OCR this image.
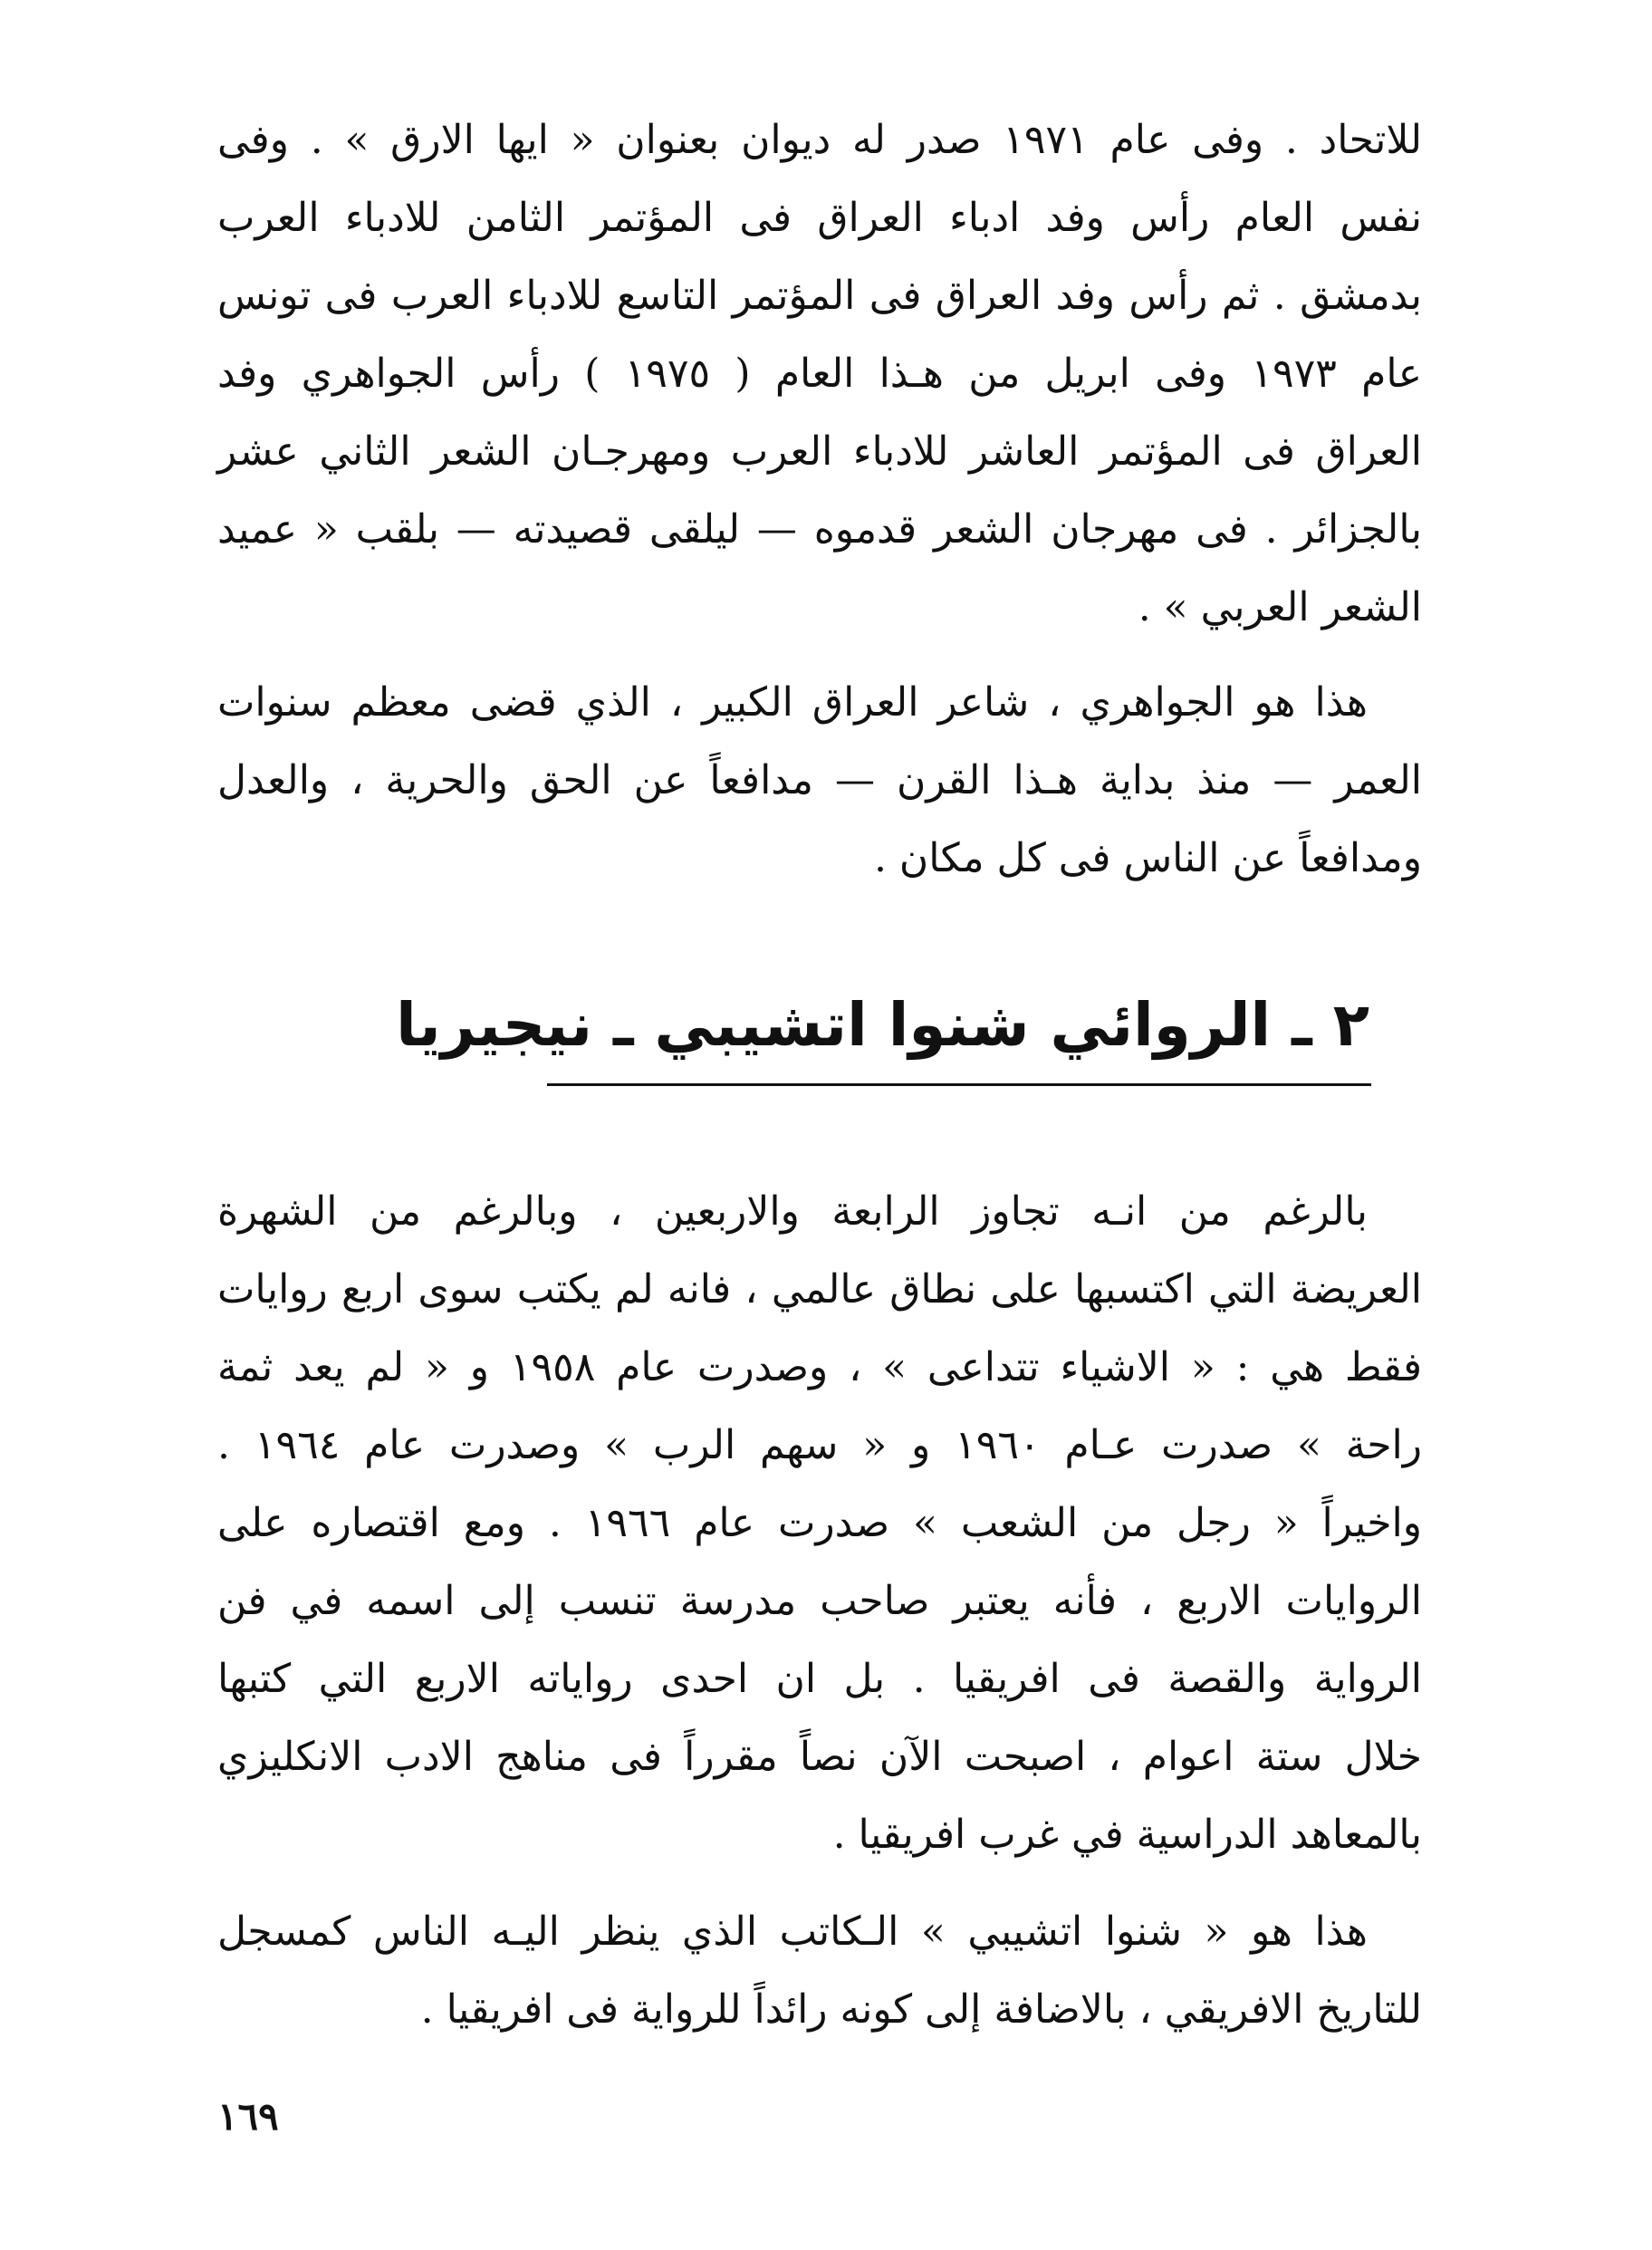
للاتحاد . وفى عام ١٩٧١ صدر له ديوان بعنوان « ايها الارق » . وفى
نفس العام رأس وفد ادباء العراق فى المؤتمر الثامن للادباء العرب
بدمشق . ثم رأس وفد العراق فى المؤتمر التاسع للادباء العرب فى تونس
عام ١٩٧٣ وفى ابريل من هـذا العام ( ١٩٧٥ ) رأس الجواهري وفد
العراق فى المؤتمر العاشر للادباء العرب ومهرجـان الشعر الثاني عشر
بالجزائر . فى مهرجان الشعر قدموه — ليلقى قصيدته — بلقب « عميد
الشعر العربي » .
هذا هو الجواهري ، شاعر العراق الكبير ، الذي قضى معظم سنوات
العمر — منذ بداية هـذا القرن — مدافعاً عن الحق والحرية ، والعدل
ومدافعاً عن الناس فى كل مكان .
٢ ـ الروائي شنوا اتشيبي ـ نيجيريا
بالرغم من انـه تجاوز الرابعة والاربعين ، وبالرغم من الشهرة
العريضة التي اكتسبها على نطاق عالمي ، فانه لم يكتب سوى اربع روايات
فقط هي : « الاشياء تتداعى » ، وصدرت عام ١٩٥٨ و « لم يعد ثمة
راحة » صدرت عـام ١٩٦٠ و « سهم الرب » وصدرت عام ١٩٦٤ .
واخيراً « رجل من الشعب » صدرت عام ١٩٦٦ . ومع اقتصاره على
الروايات الاربع ، فأنه يعتبر صاحب مدرسة تنسب إلى اسمه في فن
الرواية والقصة فى افريقيا . بل ان احدى رواياته الاربع التي كتبها
خلال ستة اعوام ، اصبحت الآن نصاً مقرراً فى مناهج الادب الانكليزي
بالمعاهد الدراسية في غرب افريقيا .
هذا هو « شنوا اتشيبي » الـكاتب الذي ينظر اليـه الناس كمسجل
للتاريخ الافريقي ، بالاضافة إلى كونه رائداً للرواية فى افريقيا .
١٦٩
